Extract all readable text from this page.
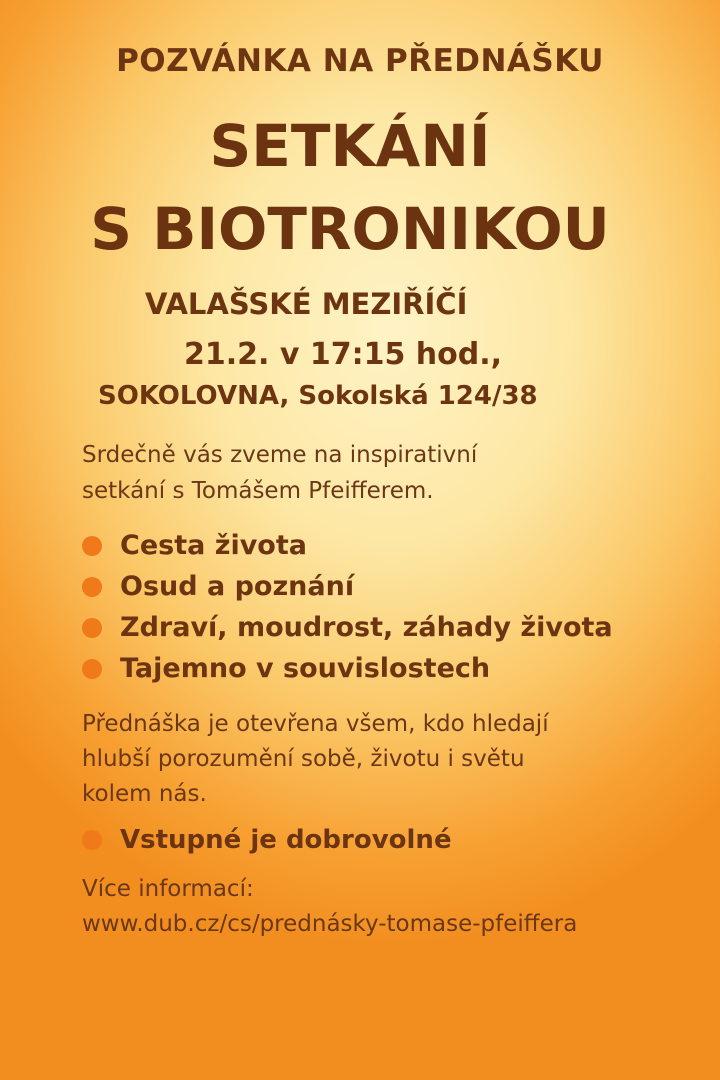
POZVÁNKA NA PŘEDNÁŠKU
SETKÁNÍ
S BIOTRONIKOU
VALAŠSKÉ MEZIŘÍČÍ
21.2. v 17:15 hod.,
SOKOLOVNA, Sokolská 124/38
Srdečně vás zveme na inspirativní
setkání s Tomášem Pfeifferem.
Cesta života
Osud a poznání
Zdraví, moudrost, záhady života
Tajemno v souvislostech
Přednáška je otevřena všem, kdo hledají
hlubší porozumění sobě, životu i světu
kolem nás.
Vstupné je dobrovolné
Více informací:
www.dub.cz/cs/prednásky-tomase-pfeiffera
